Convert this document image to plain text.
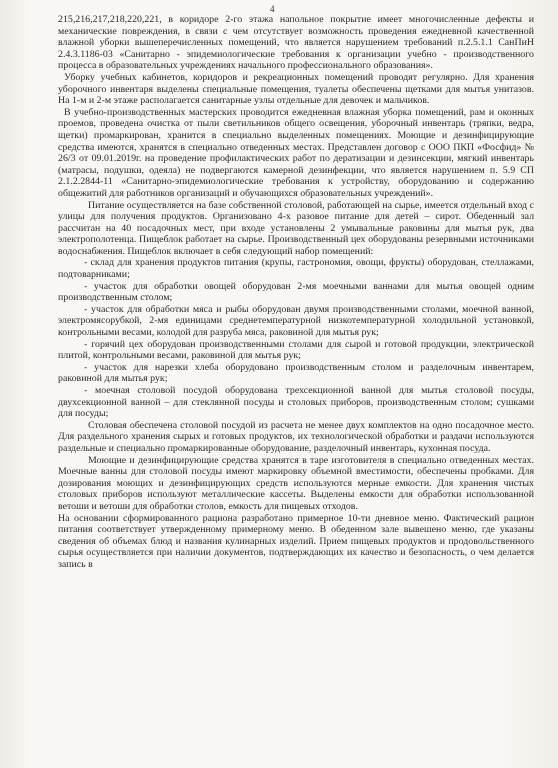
4

215,216,217,218,220,221, в коридоре 2-го этажа напольное покрытие имеет многочисленные дефекты и механические повреждения, в связи с чем отсутствует возможность проведения ежедневной качественной влажной уборки вышеперечисленных помещений, что является нарушением требований п.2.5.1.1 СанПиН 2.4.3.1186-03 «Санитарно - эпидемиологические требования к организации учебно - производственного процесса в образовательных учреждениях начального профессионального образования».

Уборку учебных кабинетов, коридоров и рекреационных помещений проводят регулярно. Для хранения уборочного инвентаря выделены специальные помещения, туалеты обеспечены щетками для мытья унитазов. На 1-м и 2-м этаже располагается санитарные узлы отдельные для девочек и мальчиков.

В учебно-производственных мастерских проводится ежедневная влажная уборка помещений, рам и оконных проемов, проведена очистка от пыли светильников общего освещения, уборочный инвентарь (тряпки, ведра, щетки) промаркирован, хранится в специально выделенных помещениях. Моющие и дезинфицирующие средства имеются, хранятся в специально отведенных местах. Представлен договор с ООО ПКП «Фосфид» № 26/3 от 09.01.2019г. на проведение профилактических работ по дератизации и дезинсекции, мягкий инвентарь (матрасы, подушки, одеяла) не подвергаются камерной дезинфекции, что является нарушением п. 5.9 СП 2.1.2.2844-11 «Санитарно-эпидемиологические требования к устройству, оборудованию и содержанию общежитий для работников организаций и обучающихся образовательных учреждений».

Питание осуществляется на базе собственной столовой, работающей на сырье, имеется отдельный вход с улицы для получения продуктов. Организовано 4-х разовое питание для детей – сирот. Обеденный зал рассчитан на 40 посадочных мест, при входе установлены 2 умывальные раковины для мытья рук, два электрополотенца. Пищеблок работает на сырье. Производственный цех оборудованы резервными источниками водоснабжения. Пищеблок включает в себя следующий набор помещений:

- склад для хранения продуктов питания (крупы, гастрономия, овощи, фрукты) оборудован, стеллажами, подтоварниками;

- участок для обработки овощей оборудован 2-мя моечными ваннами для мытья овощей одним производственным столом;

- участок для обработки мяса и рыбы оборудован двумя производственными столами, моечной ванной, электромясорубкой, 2-мя единицами среднетемпературной низкотемпературной холодильной установкой, контрольными весами, колодой для разруба мяса, раковиной для мытья рук;

- горячий цех оборудован производственными столами для сырой и готовой продукции, электрической плитой, контрольными весами, раковиной для мытья рук;

- участок для нарезки хлеба оборудовано производственным столом и разделочным инвентарем, раковиной для мытья рук;

- моечная столовой посудой оборудована трехсекционной ванной для мытья столовой посуды, двухсекционной ванной – для стеклянной посуды и столовых приборов, производственным столом; сушками для посуды;

Столовая обеспечена столовой посудой из расчета не менее двух комплектов на одно посадочное место. Для раздельного хранения сырых и готовых продуктов, их технологической обработки и раздачи используются раздельные и специально промаркированные оборудование, разделочный инвентарь, кухонная посуда.

Моющие и дезинфицирующие средства хранятся в таре изготовителя в специально отведенных местах. Моечные ванны для столовой посуды имеют маркировку объемной вместимости, обеспечены пробками. Для дозирования моющих и дезинфицирующих средств используются мерные емкости. Для хранения чистых столовых приборов используют металлические кассеты. Выделены емкости для обработки использованной ветоши и ветоши для обработки столов, емкость для пищевых отходов.

На основании сформированного рациона разработано примерное 10-ти дневное меню. Фактический рацион питания соответствует утвержденному примерному меню. В обеденном зале вывешено меню, где указаны сведения об объемах блюд и названия кулинарных изделий. Прием пищевых продуктов и продовольственного сырья осуществляется при наличии документов, подтверждающих их качество и безопасность, о чем делается запись в
